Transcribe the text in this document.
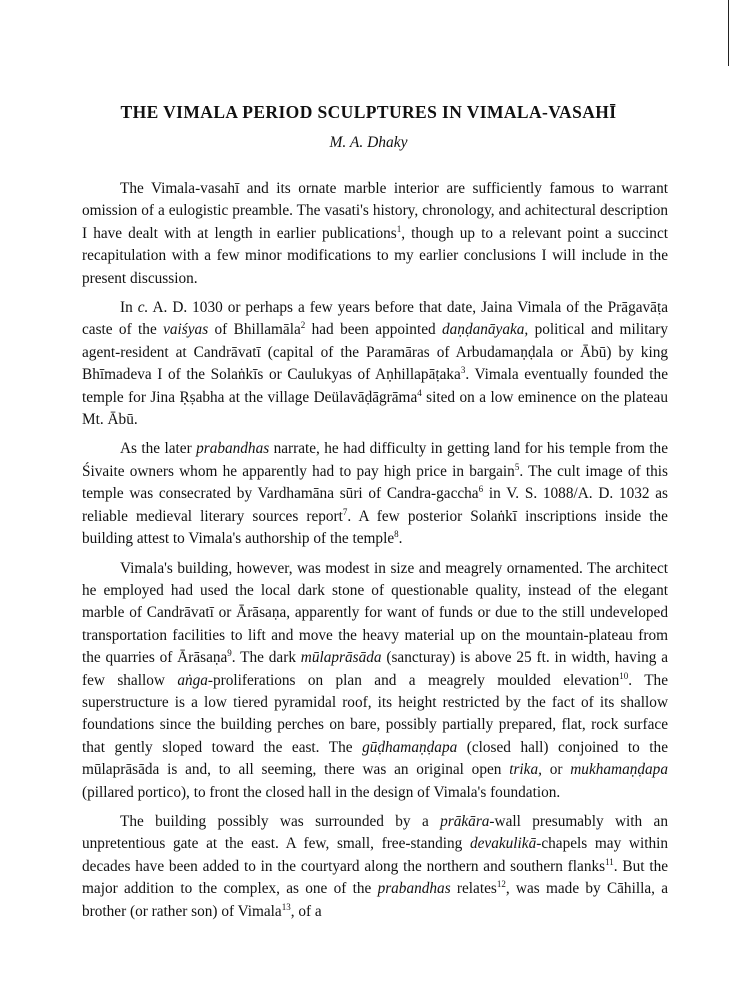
THE VIMALA PERIOD SCULPTURES IN VIMALA-VASAHĪ
M. A. Dhaky

The Vimala-vasahī and its ornate marble interior are sufficiently famous to warrant omission of a eulogistic preamble. The vasati's history, chronology, and achitectural description I have dealt with at length in earlier publications$^1$, though up to a relevant point a succinct recapitulation with a few minor modifications to my earlier conclusions I will include in the present discussion.

In c. A. D. 1030 or perhaps a few years before that date, Jaina Vimala of the Prāgavāṭa caste of the vaiśyas of Bhillamāla$^2$ had been appointed daṇḍanāyaka, political and military agent-resident at Candrāvatī (capital of the Paramāras of Arbudamaṇḍala or Ābū) by king Bhīmadeva I of the Solaṅkīs or Caulukyas of Aṇhillapāṭaka$^3$. Vimala eventually founded the temple for Jina Ṛṣabha at the village Deülavāḍāgrāma$^4$ sited on a low eminence on the plateau Mt. Ābū.

As the later prabandhas narrate, he had difficulty in getting land for his temple from the Śivaite owners whom he apparently had to pay high price in bargain$^5$. The cult image of this temple was consecrated by Vardhamāna sūri of Candra-gaccha$^6$ in V. S. 1088/A. D. 1032 as reliable medieval literary sources report$^7$. A few posterior Solaṅkī inscriptions inside the building attest to Vimala's authorship of the temple$^8$.

Vimala's building, however, was modest in size and meagrely ornamented. The architect he employed had used the local dark stone of questionable quality, instead of the elegant marble of Candrāvatī or Ārāsaṇa, apparently for want of funds or due to the still undeveloped transportation facilities to lift and move the heavy material up on the mountain-plateau from the quarries of Ārāsaṇa$^9$. The dark mūlaprāsāda (sancturay) is above 25 ft. in width, having a few shallow aṅga-proliferations on plan and a meagrely moulded elevation$^{10}$. The superstructure is a low tiered pyramidal roof, its height restricted by the fact of its shallow foundations since the building perches on bare, possibly partially prepared, flat, rock surface that gently sloped toward the east. The gūḍhamaṇḍapa (closed hall) conjoined to the mūlaprāsāda is and, to all seeming, there was an original open trika, or mukhamaṇḍapa (pillared portico), to front the closed hall in the design of Vimala's foundation.

The building possibly was surrounded by a prākāra-wall presumably with an unpretentious gate at the east. A few, small, free-standing devakulikā-chapels may within decades have been added to in the courtyard along the northern and southern flanks$^{11}$. But the major addition to the complex, as one of the prabandhas relates$^{12}$, was made by Cāhilla, a brother (or rather son) of Vimala$^{13}$, of a
